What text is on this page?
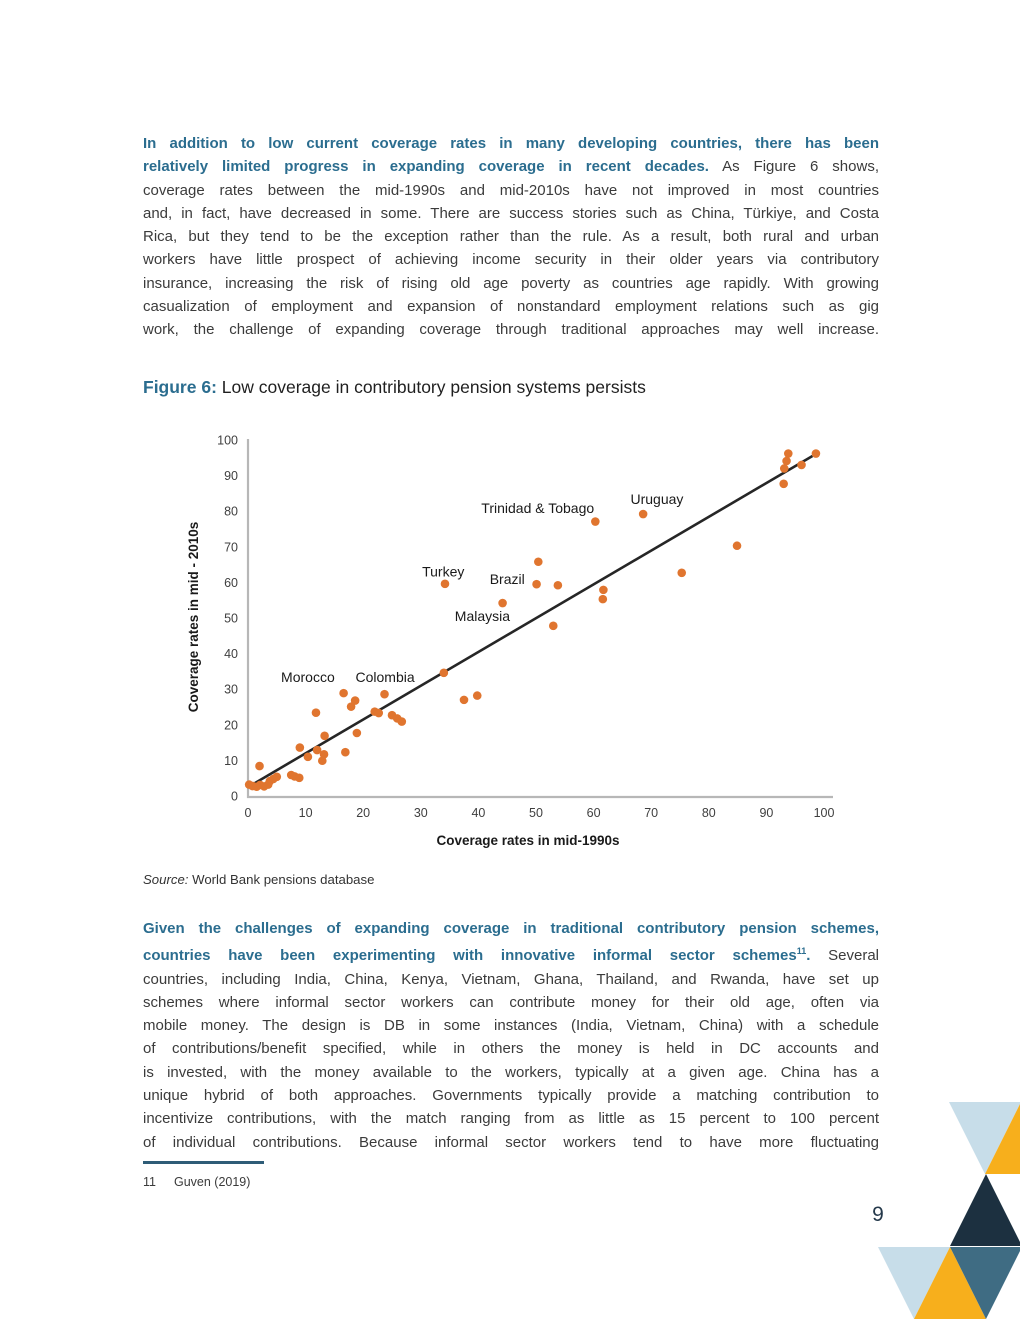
In addition to low current coverage rates in many developing countries, there has been
relatively limited progress in expanding coverage in recent decades. As Figure 6 shows,
coverage rates between the mid-1990s and mid-2010s have not improved in most countries
and, in fact, have decreased in some. There are success stories such as China, Türkiye, and Costa
Rica, but they tend to be the exception rather than the rule. As a result, both rural and urban
workers have little prospect of achieving income security in their older years via contributory
insurance, increasing the risk of rising old age poverty as countries age rapidly. With growing
casualization of employment and expansion of nonstandard employment relations such as gig
work, the challenge of expanding coverage through traditional approaches may well increase.
Figure 6: Low coverage in contributory pension systems persists
0
10
20
30
40
50
60
70
80
90
100
0	10	20	30	40	50	60	70	80	90	100
Coverage rates in mid - 2010s
Coverage rates in mid-1990s
Trinidad & Tobago
Uruguay
Turkey Brazil
Malaysia
Morocco Colombia
Source: World Bank pensions database
Given the challenges of expanding coverage in traditional contributory pension schemes,
countries have been experimenting with innovative informal sector schemes$^{11}$. Several
countries, including India, China, Kenya, Vietnam, Ghana, Thailand, and Rwanda, have set up
schemes where informal sector workers can contribute money for their old age, often via
mobile money. The design is DB in some instances (India, Vietnam, China) with a schedule
of contributions/benefit specified, while in others the money is held in DC accounts and
is invested, with the money available to the workers, typically at a given age. China has a
unique hybrid of both approaches. Governments typically provide a matching contribution to
incentivize contributions, with the match ranging from as little as 15 percent to 100 percent
of individual contributions. Because informal sector workers tend to have more fluctuating
11 Guven (2019)
9
